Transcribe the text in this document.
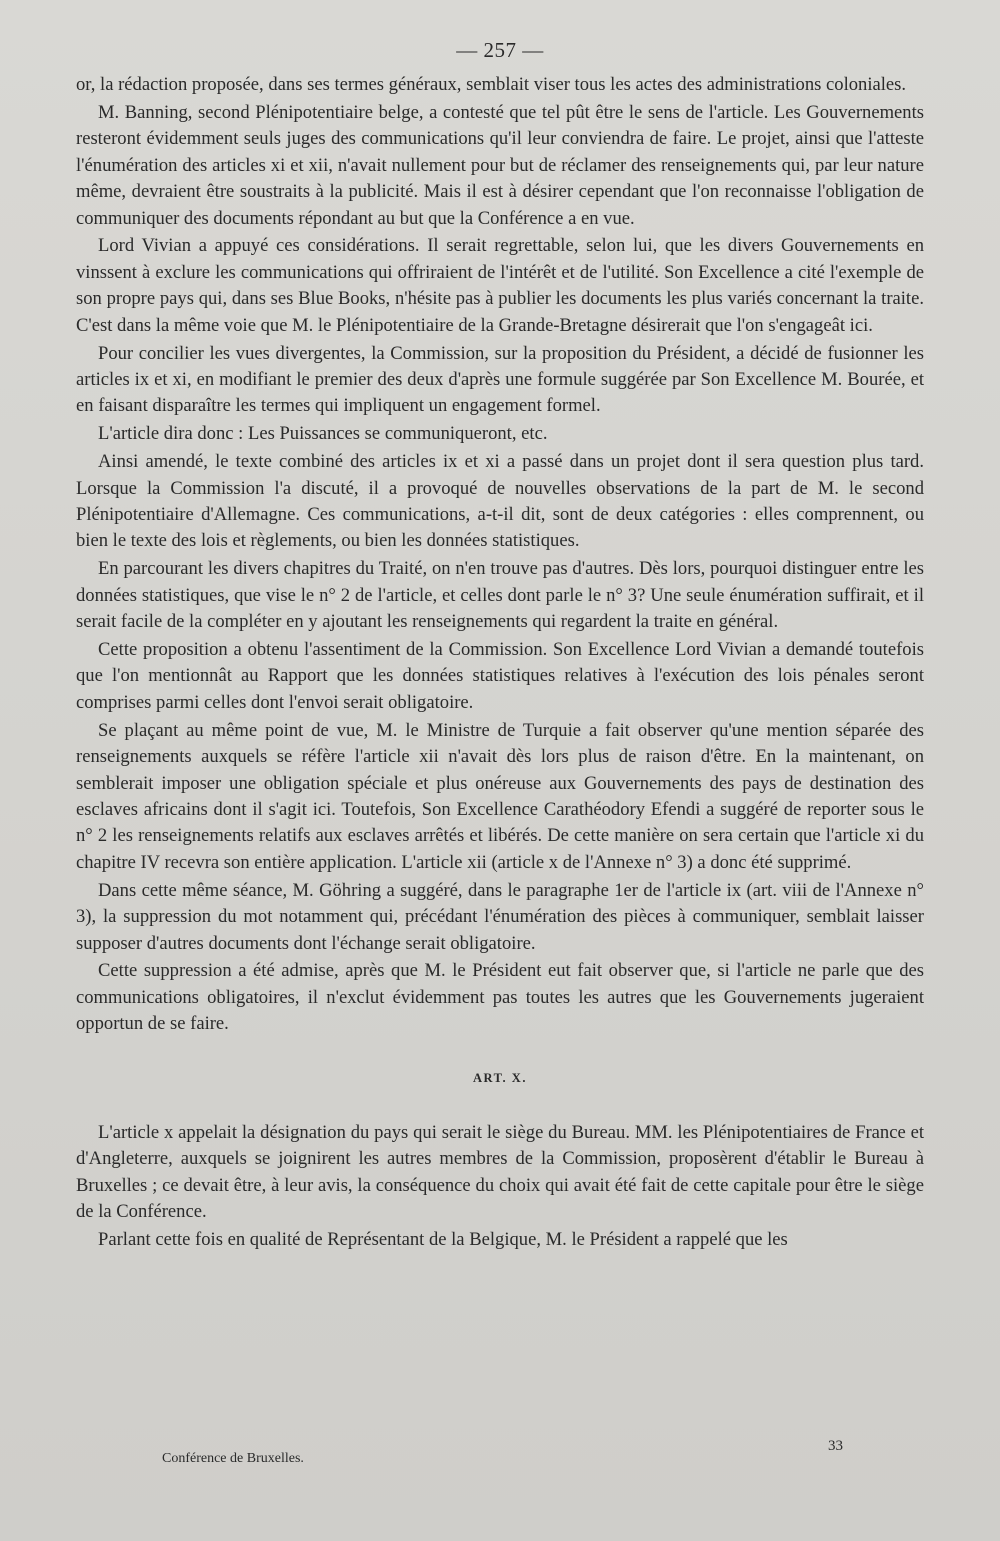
— 257 —

or, la rédaction proposée, dans ses termes généraux, semblait viser tous les actes des administrations coloniales.

M. Banning, second Plénipotentiaire belge, a contesté que tel pût être le sens de l'article. Les Gouvernements resteront évidemment seuls juges des communications qu'il leur conviendra de faire. Le projet, ainsi que l'atteste l'énumération des articles xi et xii, n'avait nullement pour but de réclamer des renseignements qui, par leur nature même, devraient être soustraits à la publicité. Mais il est à désirer cependant que l'on reconnaisse l'obligation de communiquer des documents répondant au but que la Conférence a en vue.

Lord Vivian a appuyé ces considérations. Il serait regrettable, selon lui, que les divers Gouvernements en vinssent à exclure les communications qui offriraient de l'intérêt et de l'utilité. Son Excellence a cité l'exemple de son propre pays qui, dans ses Blue Books, n'hésite pas à publier les documents les plus variés concernant la traite. C'est dans la même voie que M. le Plénipotentiaire de la Grande-Bretagne désirerait que l'on s'engageât ici.

Pour concilier les vues divergentes, la Commission, sur la proposition du Président, a décidé de fusionner les articles ix et xi, en modifiant le premier des deux d'après une formule suggérée par Son Excellence M. Bourée, et en faisant disparaître les termes qui impliquent un engagement formel.

L'article dira donc : Les Puissances se communiqueront, etc.

Ainsi amendé, le texte combiné des articles ix et xi a passé dans un projet dont il sera question plus tard. Lorsque la Commission l'a discuté, il a provoqué de nouvelles observations de la part de M. le second Plénipotentiaire d'Allemagne. Ces communications, a-t-il dit, sont de deux catégories : elles comprennent, ou bien le texte des lois et règlements, ou bien les données statistiques.

En parcourant les divers chapitres du Traité, on n'en trouve pas d'autres. Dès lors, pourquoi distinguer entre les données statistiques, que vise le n° 2 de l'article, et celles dont parle le n° 3? Une seule énumération suffirait, et il serait facile de la compléter en y ajoutant les renseignements qui regardent la traite en général.

Cette proposition a obtenu l'assentiment de la Commission. Son Excellence Lord Vivian a demandé toutefois que l'on mentionnât au Rapport que les données statistiques relatives à l'exécution des lois pénales seront comprises parmi celles dont l'envoi serait obligatoire.

Se plaçant au même point de vue, M. le Ministre de Turquie a fait observer qu'une mention séparée des renseignements auxquels se réfère l'article xii n'avait dès lors plus de raison d'être. En la maintenant, on semblerait imposer une obligation spéciale et plus onéreuse aux Gouvernements des pays de destination des esclaves africains dont il s'agit ici. Toutefois, Son Excellence Carathéodory Efendi a suggéré de reporter sous le n° 2 les renseignements relatifs aux esclaves arrêtés et libérés. De cette manière on sera certain que l'article xi du chapitre IV recevra son entière application. L'article xii (article x de l'Annexe n° 3) a donc été supprimé.

Dans cette même séance, M. Göhring a suggéré, dans le paragraphe 1er de l'article ix (art. viii de l'Annexe n° 3), la suppression du mot notamment qui, précédant l'énumération des pièces à communiquer, semblait laisser supposer d'autres documents dont l'échange serait obligatoire.

Cette suppression a été admise, après que M. le Président eut fait observer que, si l'article ne parle que des communications obligatoires, il n'exclut évidemment pas toutes les autres que les Gouvernements jugeraient opportun de se faire.

ART. X.

L'article x appelait la désignation du pays qui serait le siège du Bureau. MM. les Plénipotentiaires de France et d'Angleterre, auxquels se joignirent les autres membres de la Commission, proposèrent d'établir le Bureau à Bruxelles ; ce devait être, à leur avis, la conséquence du choix qui avait été fait de cette capitale pour être le siège de la Conférence.

Parlant cette fois en qualité de Représentant de la Belgique, M. le Président a rappelé que les

Conférence de Bruxelles.
33
